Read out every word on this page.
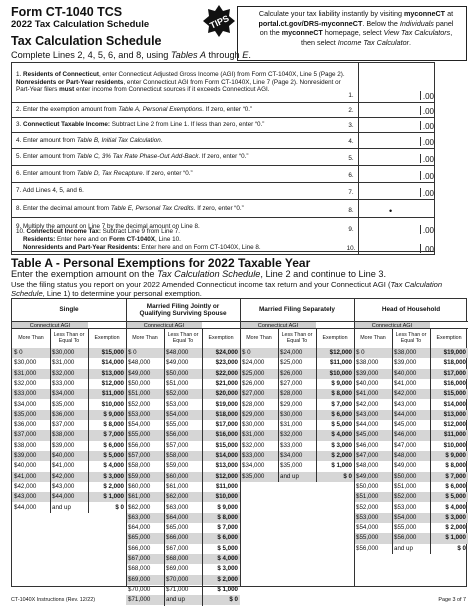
Form CT-1040 TCS
2022 Tax Calculation Schedule
Tax Calculation Schedule
Complete Lines 2, 4, 5, 6, and 8, using Tables A through E.
TIPS	Calculate your tax liability instantly by visiting myconneCT at
portal.ct.gov/DRS-myconneCT. Below the Individuals panel
on the myconneCT homepage, select View Tax Calculators,
then select Income Tax Calculator.
1. Residents of Connecticut, enter Connecticut Adjusted Gross Income (AGI) from Form CT-1040X, Line 5 (Page 2). Nonresidents or Part-Year residents, enter Connecticut AGI from Form CT-1040X, Line 7 (Page 2). Nonresident or Part-Year filers must enter income from Connecticut sources if it exceeds Connecticut AGI.
1.	.00
2. Enter the exemption amount from Table A, Personal Exemptions. If zero, enter “0.”	2.	.00
3. Connecticut Taxable Income: Subtract Line 2 from Line 1. If less than zero, enter “0.”	3.	.00
4. Enter amount from Table B, Initial Tax Calculation.	4.	.00
5. Enter amount from Table C, 3% Tax Rate Phase-Out Add-Back. If zero, enter “0.”	5.	.00
6. Enter amount from Table D, Tax Recapture. If zero, enter “0.”	6.	.00
7. Add Lines 4, 5, and 6.	7.	.00
8. Enter the decimal amount from Table E, Personal Tax Credits. If zero, enter “0.”	8.	•
9. Multiply the amount on Line 7 by the decimal amount on Line 8.	9.	.00
10. Connecticut Income Tax: Subtract Line 9 from Line 7.
Residents: Enter here and on Form CT-1040X, Line 10.
Nonresidents and Part-Year Residents: Enter here and on Form CT-1040X, Line 8.	10.	.00
Table A - Personal Exemptions for 2022 Taxable Year
Enter the exemption amount on the Tax Calculation Schedule, Line 2 and continue to Line 3.
Use the filing status you report on your 2022 Amended Connecticut income tax return and your Connecticut AGI (Tax Calculation Schedule, Line 1) to determine your personal exemption.
Single
Connecticut AGI
More Than	Less Than or Equal To	Exemption
$ 0	$30,000	$15,000
$30,000	$31,000	$14,000
$31,000	$32,000	$13,000
$32,000	$33,000	$12,000
$33,000	$34,000	$11,000
$34,000	$35,000	$10,000
$35,000	$36,000	$ 9,000
$36,000	$37,000	$ 8,000
$37,000	$38,000	$ 7,000
$38,000	$39,000	$ 6,000
$39,000	$40,000	$ 5,000
$40,000	$41,000	$ 4,000
$41,000	$42,000	$ 3,000
$42,000	$43,000	$ 2,000
$43,000	$44,000	$ 1,000
$44,000	and up	$ 0
Married Filing Jointly or Qualifying Surviving Spouse
Connecticut AGI
More Than	Less Than or Equal To	Exemption
$ 0	$48,000	$24,000
$48,000	$49,000	$23,000
$49,000	$50,000	$22,000
$50,000	$51,000	$21,000
$51,000	$52,000	$20,000
$52,000	$53,000	$19,000
$53,000	$54,000	$18,000
$54,000	$55,000	$17,000
$55,000	$56,000	$16,000
$56,000	$57,000	$15,000
$57,000	$58,000	$14,000
$58,000	$59,000	$13,000
$59,000	$60,000	$12,000
$60,000	$61,000	$11,000
$61,000	$62,000	$10,000
$62,000	$63,000	$ 9,000
$63,000	$64,000	$ 8,000
$64,000	$65,000	$ 7,000
$65,000	$66,000	$ 6,000
$66,000	$67,000	$ 5,000
$67,000	$68,000	$ 4,000
$68,000	$69,000	$ 3,000
$69,000	$70,000	$ 2,000
$70,000	$71,000	$ 1,000
$71,000	and up	$ 0
Married Filing Separately
Connecticut AGI
More Than	Less Than or Equal To	Exemption
$ 0	$24,000	$12,000
$24,000	$25,000	$11,000
$25,000	$26,000	$10,000
$26,000	$27,000	$ 9,000
$27,000	$28,000	$ 8,000
$28,000	$29,000	$ 7,000
$29,000	$30,000	$ 6,000
$30,000	$31,000	$ 5,000
$31,000	$32,000	$ 4,000
$32,000	$33,000	$ 3,000
$33,000	$34,000	$ 2,000
$34,000	$35,000	$ 1,000
$35,000	and up	$ 0
Head of Household
Connecticut AGI
More Than	Less Than or Equal To	Exemption
$ 0	$38,000	$19,000
$38,000	$39,000	$18,000
$39,000	$40,000	$17,000
$40,000	$41,000	$16,000
$41,000	$42,000	$15,000
$42,000	$43,000	$14,000
$43,000	$44,000	$13,000
$44,000	$45,000	$12,000
$45,000	$46,000	$11,000
$46,000	$47,000	$10,000
$47,000	$48,000	$ 9,000
$48,000	$49,000	$ 8,000
$49,000	$50,000	$ 7,000
$50,000	$51,000	$ 6,000
$51,000	$52,000	$ 5,000
$52,000	$53,000	$ 4,000
$53,000	$54,000	$ 3,000
$54,000	$55,000	$ 2,000
$55,000	$56,000	$ 1,000
$56,000	and up	$ 0
CT-1040X Instructions (Rev. 12/22)	Page 3 of 7
